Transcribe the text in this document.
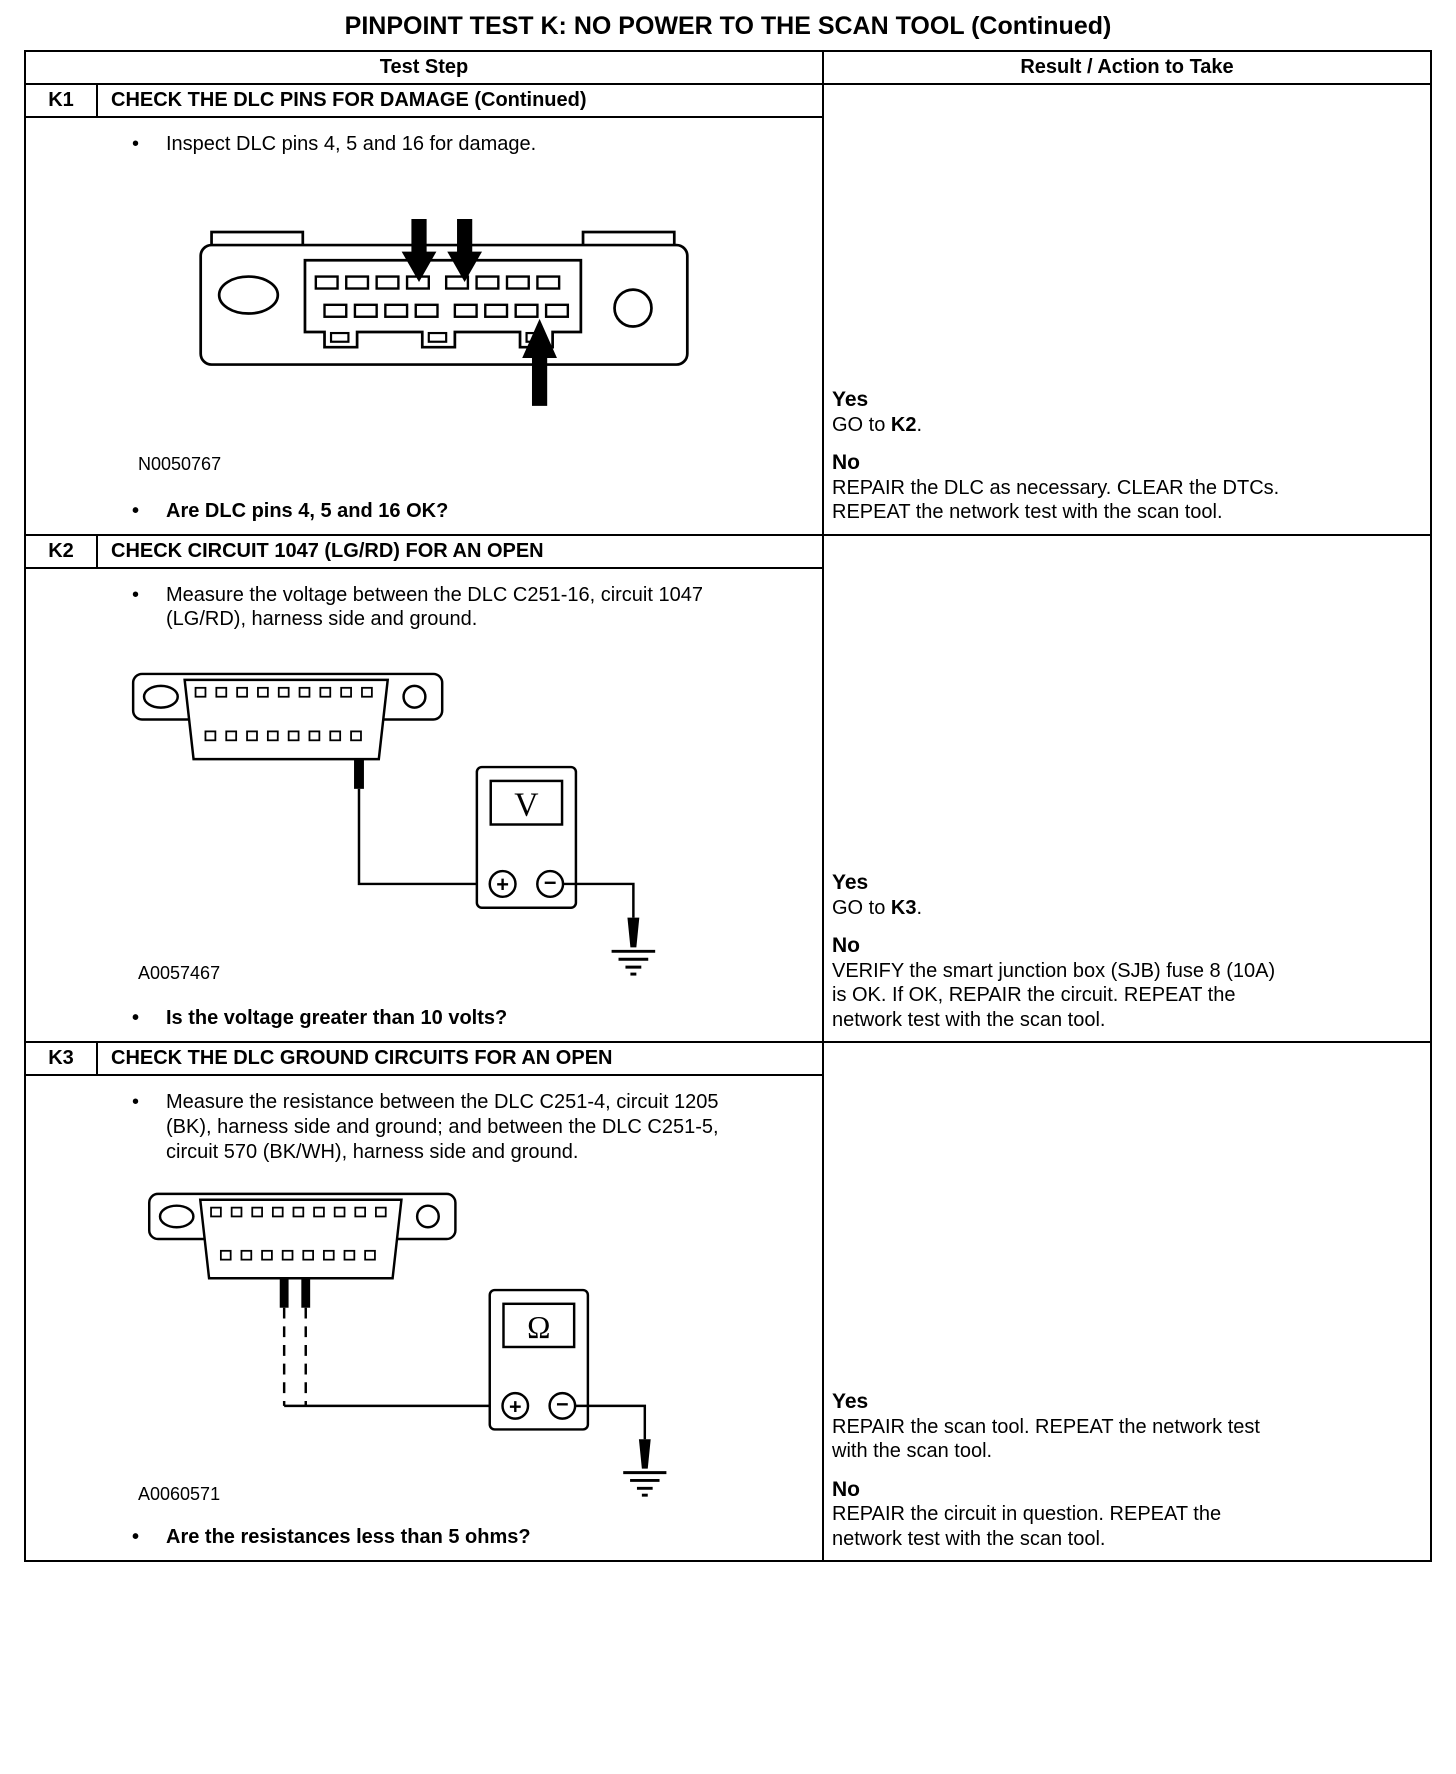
PINPOINT TEST K: NO POWER TO THE SCAN TOOL (Continued)
Test Step	Result / Action to Take
K1	CHECK THE DLC PINS FOR DAMAGE (Continued)
•	Inspect DLC pins 4, 5 and 16 for damage.
N0050767
•	Are DLC pins 4, 5 and 16 OK?
Yes
GO to K2.
No
REPAIR the DLC as necessary. CLEAR the DTCs. REPEAT the network test with the scan tool.
K2	CHECK CIRCUIT 1047 (LG/RD) FOR AN OPEN
•	Measure the voltage between the DLC C251-16, circuit 1047 (LG/RD), harness side and ground.
V
+ −
A0057467
•	Is the voltage greater than 10 volts?
Yes
GO to K3.
No
VERIFY the smart junction box (SJB) fuse 8 (10A) is OK. If OK, REPAIR the circuit. REPEAT the network test with the scan tool.
K3	CHECK THE DLC GROUND CIRCUITS FOR AN OPEN
•	Measure the resistance between the DLC C251-4, circuit 1205 (BK), harness side and ground; and between the DLC C251-5, circuit 570 (BK/WH), harness side and ground.
Ω
+ −
A0060571
•	Are the resistances less than 5 ohms?
Yes
REPAIR the scan tool. REPEAT the network test with the scan tool.
No
REPAIR the circuit in question. REPEAT the network test with the scan tool.
